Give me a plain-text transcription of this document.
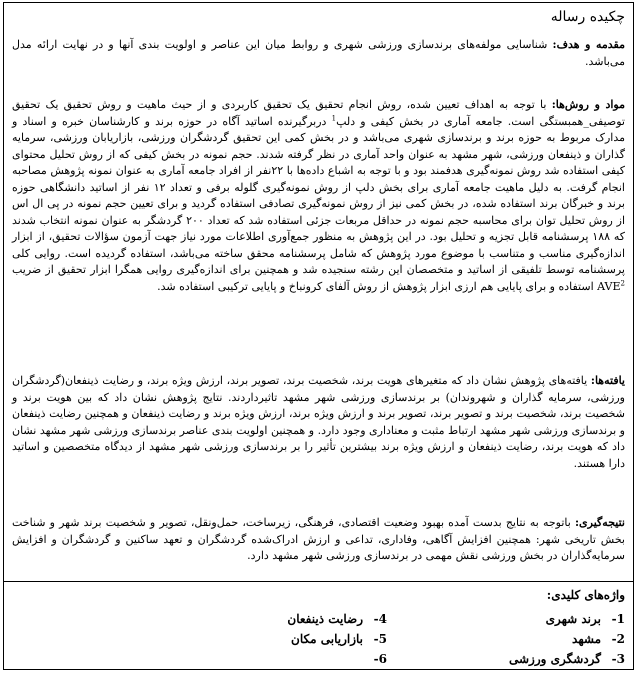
چکیده رساله

مقدمه و هدف: شناسایی مولفه‌های برندسازی ورزشی شهری و روابط میان این عناصر و اولویت بندی آنها و در نهایت ارائه مدل می‌باشد.

مواد و روش‌ها: با توجه به اهداف تعیین شده، روش انجام تحقیق یک تحقیق کاربردی و از حیث ماهیت و روش تحقیق یک تحقیق توصیفی_همبستگی است. جامعه آماری در بخش کیفی و دلپ$^1$ دربرگیرنده اساتید آگاه در حوزه برند و کارشناسان خبره و اسناد و مدارک مربوط به حوزه برند و برندسازی شهری می‌باشد و در بخش کمی این تحقیق گردشگران ورزشی، بازاریابان ورزشی، سرمایه گذاران و ذینفعان ورزشی، شهر مشهد به عنوان واحد آماری در نظر گرفته شدند. حجم نمونه در بخش کیفی که از روش تحلیل محتوای کیفی استفاده شد روش نمونه‌گیری هدفمند بود و با توجه به اشباع داده‌ها با ۲۲نفر از افراد جامعه آماری به عنوان نمونه پژوهش مصاحبه انجام گرفت. به دلیل ماهیت جامعه آماری برای بخش دلپ از روش نمونه‌گیری گلوله برفی و تعداد ۱۲ نفر از اساتید دانشگاهی حوزه برند و خبرگان برند استفاده شده، در بخش کمی نیز از روش نمونه‌گیری تصادفی استفاده گردید و برای تعیین حجم نمونه در پی ال اس از روش تحلیل توان برای محاسبه حجم نمونه در حداقل مربعات جزئی استفاده شد که تعداد ۲۰۰ گردشگر به عنوان نمونه انتخاب شدند که ۱۸۸ پرسشنامه قابل تجزیه و تحلیل بود. در این پژوهش به منظور جمع‌آوری اطلاعات مورد نیاز جهت آزمون سؤالات تحقیق، از ابزار اندازه‌گیری مناسب و متناسب با موضوع مورد پژوهش که شامل پرسشنامه محقق ساخته می‌باشد، استفاده گردیده است. روایی کلی پرسشنامه توسط تلفیقی از اساتید و متخصصان این رشته سنجیده شد و همچنین برای اندازه‌گیری روایی همگرا ابزار تحقیق از ضریب AVE$^2$ استفاده و برای پایایی هم ارزی ابزار پژوهش از روش آلفای کرونباخ و پایایی ترکیبی استفاده شد.

یافته‌ها: یافته‌های پژوهش نشان داد که متغیرهای هویت برند، شخصیت برند، تصویر برند، ارزش ویژه برند، و رضایت ذینفعان(گردشگران ورزشی، سرمایه گذاران و شهروندان) بر برندسازی ورزشی شهر مشهد تاثیرداردند. نتایج پژوهش نشان داد که بین هویت برند و شخصیت برند، شخصیت برند و تصویر برند، تصویر برند و ارزش ویژه برند، ارزش ویژه برند و رضایت ذینفعان و همچنین رضایت ذینفعان و برندسازی ورزشی شهر مشهد ارتباط مثبت و معناداری وجود دارد. و همچنین اولویت بندی عناصر برندسازی ورزشی شهر مشهد نشان داد که هویت برند، رضایت ذینفعان و ارزش ویژه برند بیشترین تأثیر را بر برندسازی ورزشی شهر مشهد از دیدگاه متخصصین و اساتید دارا هستند.

نتیجه‌گیری: باتوجه به نتایج بدست آمده بهبود وضعیت اقتصادی، فرهنگی، زیرساخت، حمل‌ونقل، تصویر و شخصیت برند شهر و شناخت بخش تاریخی شهر: همچنین افزایش آگاهی، وفاداری، تداعی و ارزش ادراک‌شده گردشگران و تعهد ساکنین و گردشگران و افزایش سرمایه‌گذاران در بخش ورزشی نقش مهمی در برندسازی ورزشی شهر مشهد دارد.

واژه‌های کلیدی:
1-برند شهری
2-مشهد
3-گردشگری ورزشی
4-رضایت ذینفعان
5-بازاریابی مکان
6-
